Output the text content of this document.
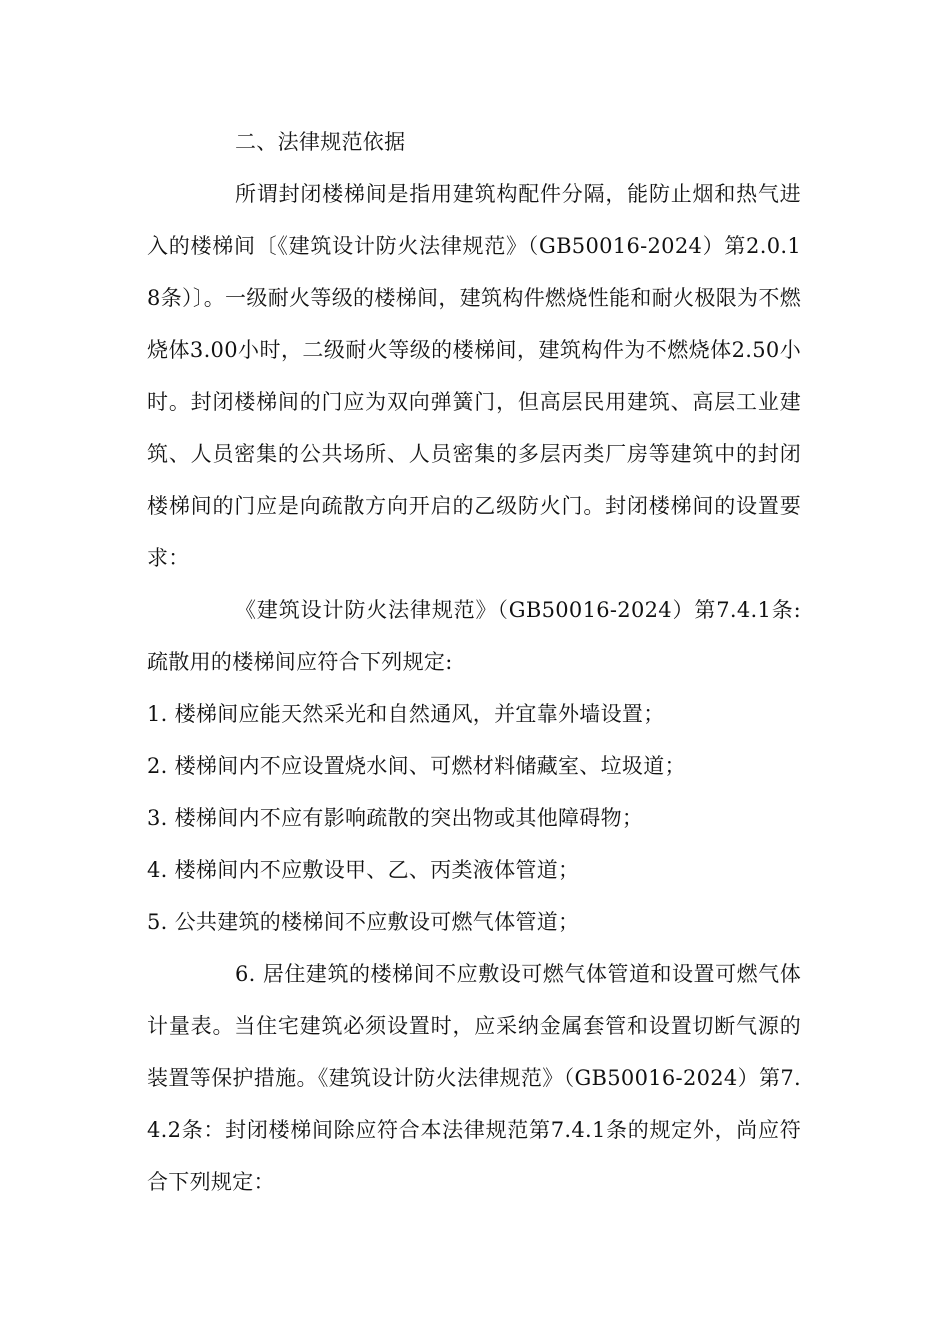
二、法律规范依据

所谓封闭楼梯间是指用建筑构配件分隔，能防止烟和热气进入的楼梯间〔《建筑设计防火法律规范》（GB50016-2024）第2.0.18条）〕。一级耐火等级的楼梯间，建筑构件燃烧性能和耐火极限为不燃烧体3.00小时，二级耐火等级的楼梯间，建筑构件为不燃烧体2.50小时。封闭楼梯间的门应为双向弹簧门，但高层民用建筑、高层工业建筑、人员密集的公共场所、人员密集的多层丙类厂房等建筑中的封闭楼梯间的门应是向疏散方向开启的乙级防火门。封闭楼梯间的设置要求：

《建筑设计防火法律规范》（GB50016-2024）第7.4.1条:疏散用的楼梯间应符合下列规定:

1. 楼梯间应能天然采光和自然通风，并宜靠外墙设置；

2. 楼梯间内不应设置烧水间、可燃材料储藏室、垃圾道；

3. 楼梯间内不应有影响疏散的突出物或其他障碍物；

4. 楼梯间内不应敷设甲、乙、丙类液体管道；

5. 公共建筑的楼梯间不应敷设可燃气体管道；

6. 居住建筑的楼梯间不应敷设可燃气体管道和设置可燃气体计量表。当住宅建筑必须设置时，应采纳金属套管和设置切断气源的装置等保护措施。《建筑设计防火法律规范》（GB50016-2024）第7.4.2条：封闭楼梯间除应符合本法律规范第7.4.1条的规定外，尚应符合下列规定：
